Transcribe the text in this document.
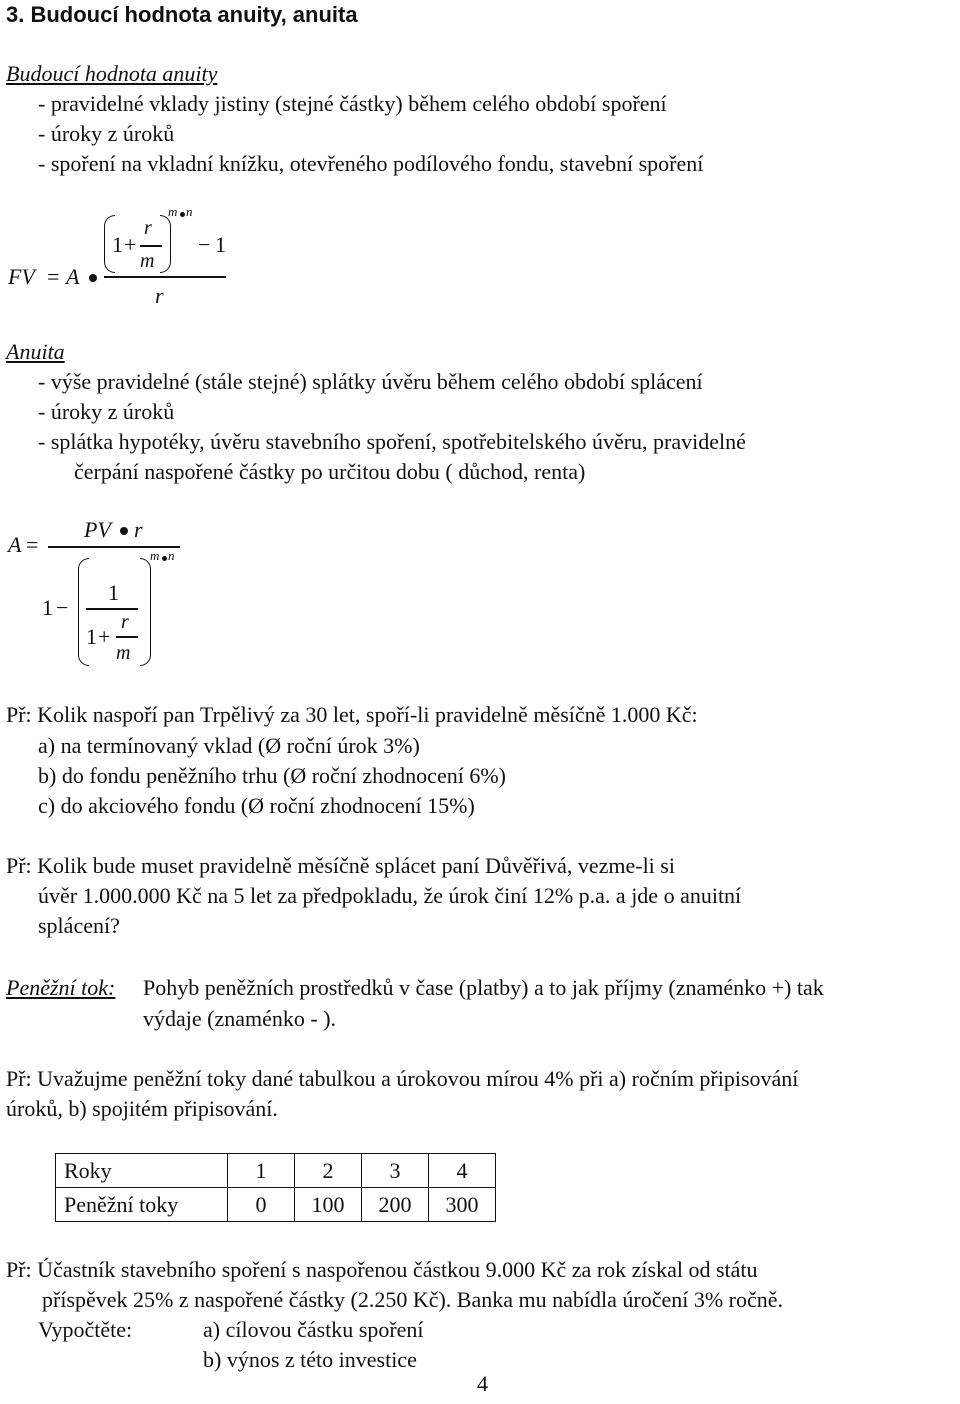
3. Budoucí hodnota anuity, anuita
Budoucí hodnota anuity
- pravidelné vklady jistiny (stejné částky) během celého období spoření
- úroky z úroků
- spoření na vkladní knížku, otevřeného podílového fondu, stavební spoření
FV = A
1 +
r
m
m n
− 1
r
Anuita
- výše pravidelné (stále stejné) splátky úvěru během celého období splácení
- úroky z úroků
- splátka hypotéky, úvěru stavebního spoření, spotřebitelského úvěru, pravidelné
čerpání naspořené částky po určitou dobu ( důchod, renta)
A =
PV r
1 −
1
1 +
r
m
m n
Př: Kolik naspoří pan Trpělivý za 30 let, spoří-li pravidelně měsíčně 1.000 Kč:
a) na termínovaný vklad (Ø roční úrok 3%)
b) do fondu peněžního trhu (Ø roční zhodnocení 6%)
c) do akciového fondu (Ø roční zhodnocení 15%)
Př: Kolik bude muset pravidelně měsíčně splácet paní Důvěřivá, vezme-li si
úvěr 1.000.000 Kč na 5 let za předpokladu, že úrok činí 12% p.a. a jde o anuitní
splácení?
Peněžní tok: Pohyb peněžních prostředků v čase (platby) a to jak příjmy (znaménko +) tak
výdaje (znaménko - ).
Př: Uvažujme peněžní toky dané tabulkou a úrokovou mírou 4% při a) ročním připisování
úroků, b) spojitém připisování.
Roky	1	2	3	4
Peněžní toky	0	100	200	300
Př: Účastník stavebního spoření s naspořenou částkou 9.000 Kč za rok získal od státu
příspěvek 25% z naspořené částky (2.250 Kč). Banka mu nabídla úročení 3% ročně.
Vypočtěte:	a) cílovou částku spoření
b) výnos z této investice
4
